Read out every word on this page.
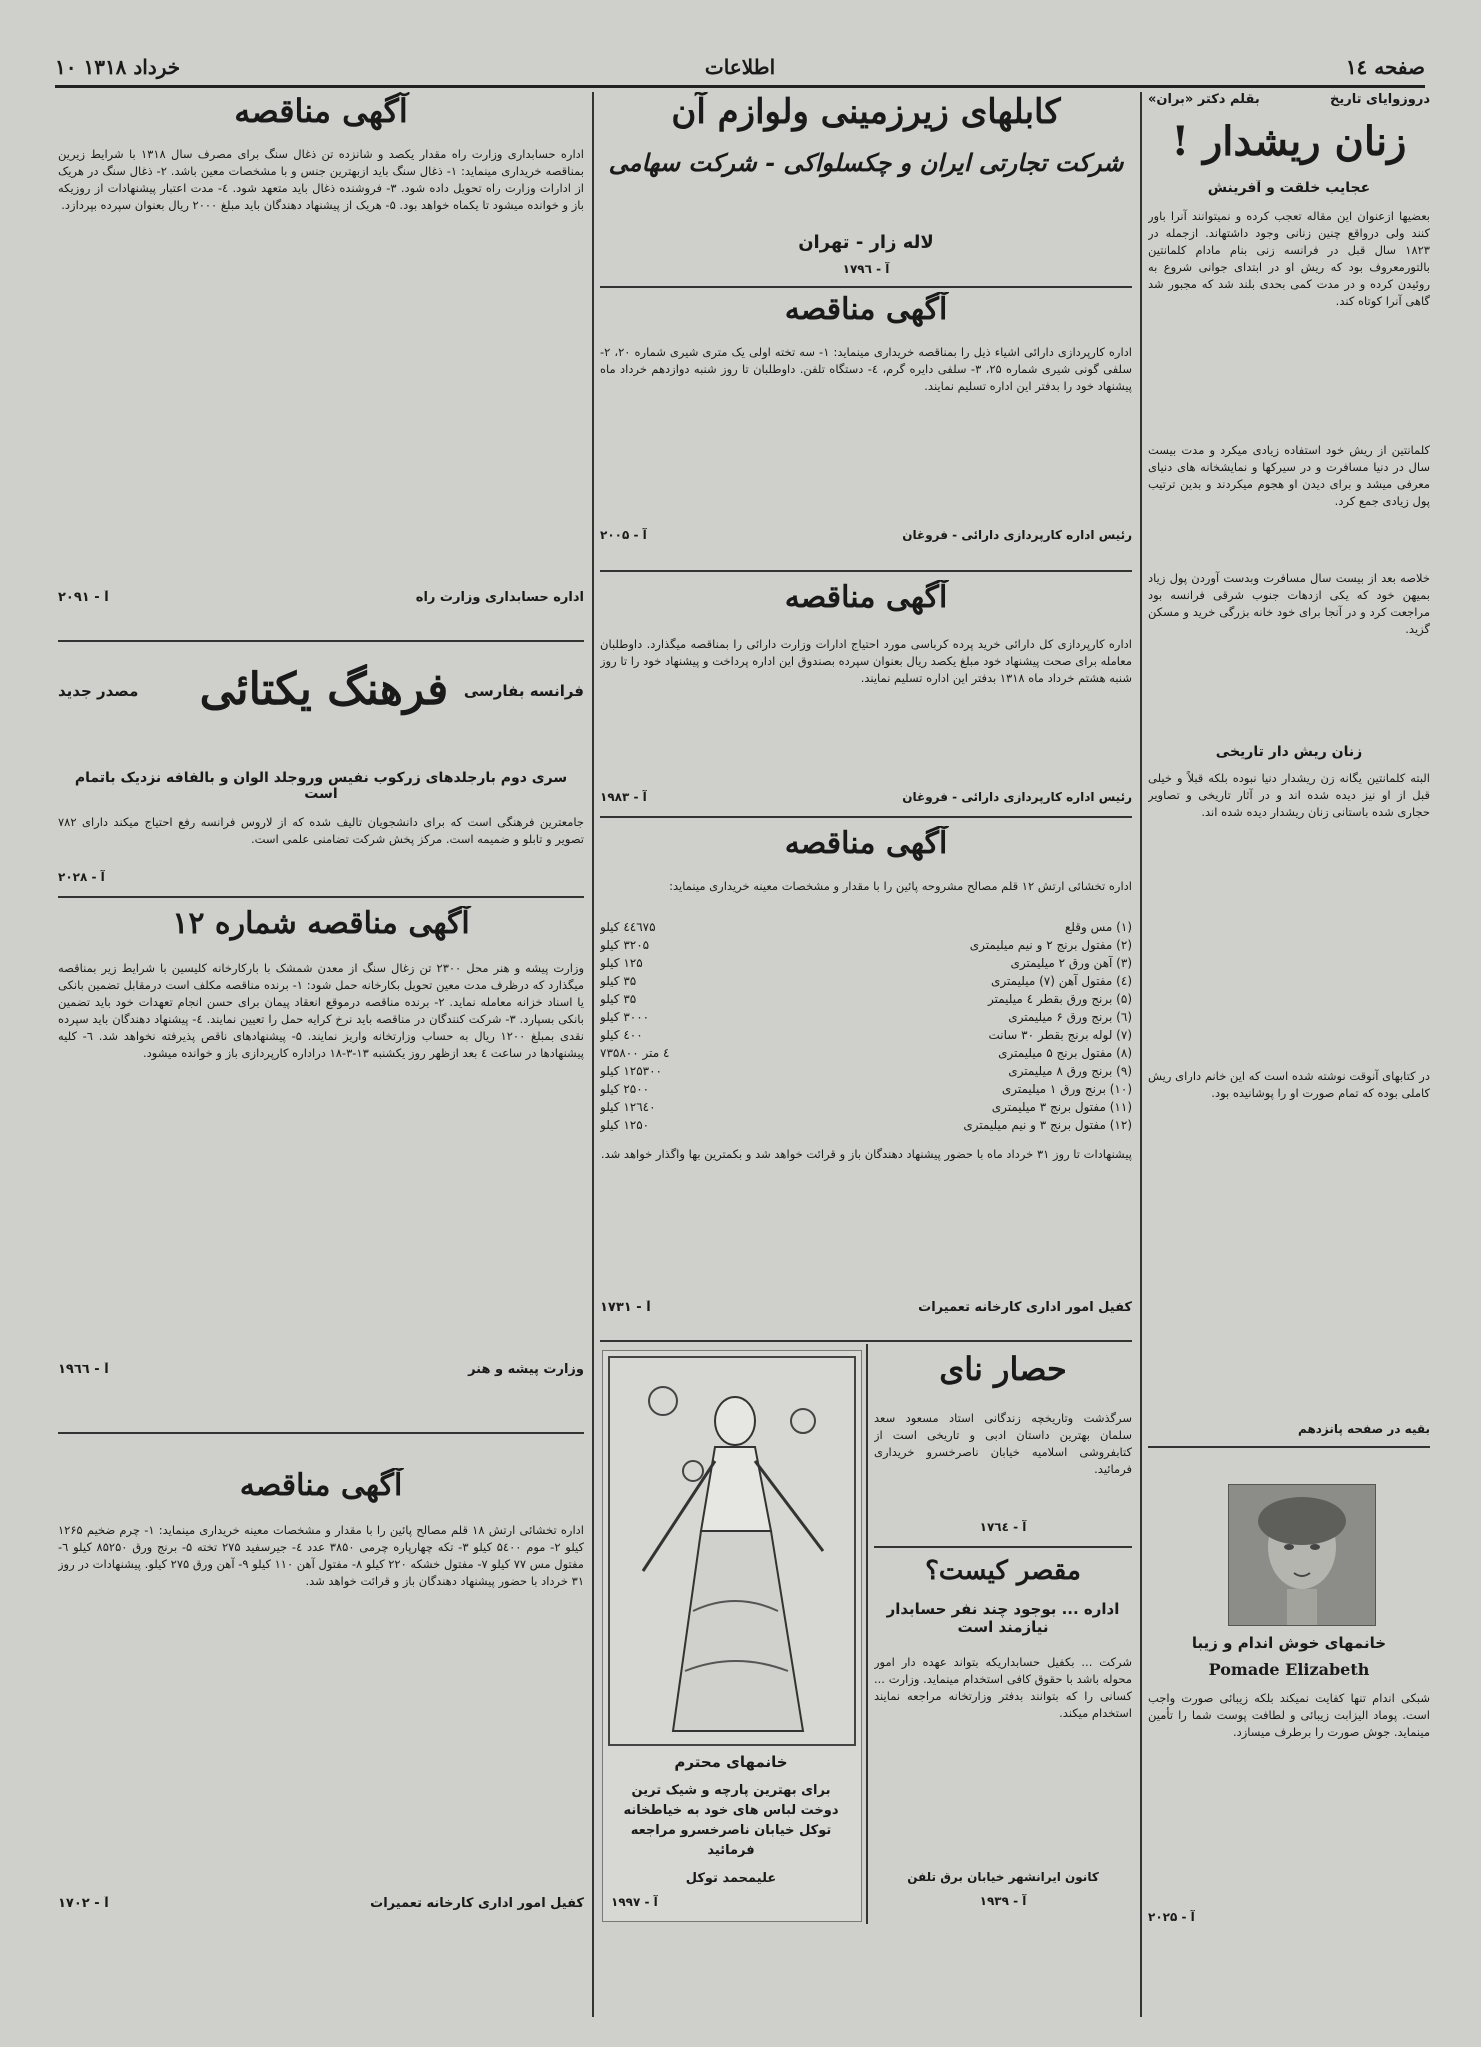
صفحه ۱٤
اطلاعات
۱۰ خرداد ۱۳۱۸
دروزوایای تاریخ
بقلم دکتر «بران»
زنان ریشدار !
عجایب خلقت و آفرینش
بعضیها ازعنوان این مقاله تعجب کرده و نمیتوانند آنرا باور کنند ولی درواقع چنین زنانی وجود داشتهاند. ازجمله در ۱۸۲۳ سال قبل در فرانسه زنی بنام مادام کلمانتین بالتورمعروف بود که ریش او در ابتدای جوانی شروع به روئیدن کرده و در مدت کمی بحدی بلند شد که مجبور شد گاهی آنرا کوتاه کند.
کلمانتین از ریش خود استفاده زیادی میکرد و مدت بیست سال در دنیا مسافرت و در سیرکها و نمایشخانه های دنیای معرفی میشد و برای دیدن او هجوم میکردند و بدین ترتیب پول زیادی جمع کرد.
خلاصه بعد از بیست سال مسافرت وبدست آوردن پول زیاد بمیهن خود که یکی ازدهات جنوب شرقی فرانسه بود مراجعت کرد و در آنجا برای خود خانه بزرگی خرید و مسکن گزید.
زنان ریش دار تاریخی
البته کلمانتین یگانه زن ریشدار دنیا نبوده بلکه قبلاً و خیلی قبل از او نیز دیده شده اند و در آثار تاریخی و تصاویر حجاری شده باستانی زنان ریشدار دیده شده اند.
در کتابهای آنوقت نوشته شده است که این خانم دارای ریش کاملی بوده که تمام صورت او را پوشانیده بود.
بقیه در صفحه پانزدهم
خانمهای خوش اندام و زیبا
Pomade Elizabeth
شبکی اندام تنها کفایت نمیکند بلکه زیبائی صورت واجب است. پوماد الیزابت زیبائی و لطافت پوست شما را تأمین مینماید. جوش صورت را برطرف میسازد.
آ - ۲۰۲۵
کابلهای زیرزمینی ولوازم آن
شرکت تجارتی ایران و چکسلواکی - شرکت سهامی
لاله زار - تهران
آ - ۱۷۹٦
آگهی مناقصه
اداره کارپردازی دارائی اشیاء ذیل را بمناقصه خریداری مینماید: ۱- سه تخته اولی یک متری شیری شماره ۲۰، ۲- سلفی گونی شیری شماره ۲۵، ۳- سلفی دایره گرم، ٤- دستگاه تلفن. داوطلبان تا روز شنبه دوازدهم خرداد ماه پیشنهاد خود را بدفتر این اداره تسلیم نمایند.
رئیس اداره کارپردازی دارائی - فروغان
آ - ۲۰۰۵
آگهی مناقصه
اداره کارپردازی کل دارائی خرید پرده کرباسی مورد احتیاج ادارات وزارت دارائی را بمناقصه میگذارد. داوطلبان معامله برای صحت پیشنهاد خود مبلغ یکصد ریال بعنوان سپرده بصندوق این اداره پرداخت و پیشنهاد خود را تا روز شنبه هشتم خرداد ماه ۱۳۱۸ بدفتر این اداره تسلیم نمایند.
رئیس اداره کارپردازی دارائی - فروغان
آ - ۱۹۸۳
آگهی مناقصه
اداره تخشائی ارتش ۱۲ قلم مصالح مشروحه پائین را با مقدار و مشخصات معینه خریداری مینماید:
(۱) مس وقلع
٤٤٦٧۵ کیلو
(۲) مفتول برنج ۲ و نیم میلیمتری
۳۲۰۵ کیلو
(۳) آهن ورق ۲ میلیمتری
۱۲۵ کیلو
(٤) مفتول آهن (۷) میلیمتری
۳۵ کیلو
(۵) برنج ورق بقطر ٤ میلیمتر
۳۵ کیلو
(٦) برنج ورق ۶ میلیمتری
۳۰۰۰ کیلو
(۷) لوله برنج بقطر ۳۰ سانت
٤۰۰ کیلو
(۸) مفتول برنج ۵ میلیمتری
٤ متر ۷۳۵۸۰۰
(۹) برنج ورق ۸ میلیمتری
۱۲۵۳۰۰ کیلو
(۱۰) برنج ورق ۱ میلیمتری
۲۵۰۰ کیلو
(۱۱) مفتول برنج ۳ میلیمتری
۱۲٦٤۰ کیلو
(۱۲) مفتول برنج ۳ و نیم میلیمتری
۱۲۵۰ کیلو
پیشنهادات تا روز ۳۱ خرداد ماه با حضور پیشنهاد دهندگان باز و قرائت خواهد شد و بکمترین بها واگذار خواهد شد.
کفیل امور اداری کارخانه تعمیرات
آ - ۱۷۳۱
حصار نای
سرگذشت وتاریخچه زندگانی استاد مسعود سعد سلمان بهترین داستان ادبی و تاریخی است از کتابفروشی اسلامیه خیابان ناصرخسرو خریداری فرمائید.
آ - ۱۷٦٤
مقصر کیست؟
اداره ... بوجود چند نفر حسابدار نیازمند است
شرکت ... بکفیل حسابداریکه بتواند عهده دار امور محوله باشد با حقوق کافی استخدام مینماید. وزارت ... کسانی را که بتوانند بدفتر وزارتخانه مراجعه نمایند استخدام میکند.
کانون ایرانشهر خیابان برق تلفن
آ - ۱۹۳۹
خانمهای محترم
برای بهترین پارچه و شیک ترین دوخت لباس های خود به خیاطخانه توکل خیابان ناصرخسرو مراجعه فرمائید
علیمحمد توکل
آ - ۱۹۹۷
آگهی مناقصه
اداره حسابداری وزارت راه مقدار یکصد و شانزده تن ذغال سنگ برای مصرف سال ۱۳۱۸ با شرایط زیرین بمناقصه خریداری مینماید: ۱- ذغال سنگ باید ازبهترین جنس و با مشخصات معین باشد. ۲- ذغال سنگ در هریک از ادارات وزارت راه تحویل داده شود. ۳- فروشنده ذغال باید متعهد شود. ٤- مدت اعتبار پیشنهادات از روزیکه باز و خوانده میشود تا یکماه خواهد بود. ۵- هریک از پیشنهاد دهندگان باید مبلغ ۲۰۰۰ ریال بعنوان سپرده بپردازد.
اداره حسابداری وزارت راه
آ - ۲۰۹۱
فرانسه بفارسی
فرهنگ یکتائی
مصدر جدید
سری دوم بارجلدهای زرکوب نفیس وروجلد الوان و بالفافه نزدیک باتمام است
جامعترین فرهنگی است که برای دانشجویان تالیف شده که از لاروس فرانسه رفع احتیاج میکند دارای ۷۸۲ تصویر و تابلو و ضمیمه است. مرکز پخش شرکت تضامنی علمی است.
آ - ۲۰۲۸
آگهی مناقصه شماره ۱۲
وزارت پیشه و هنر محل ۲۳۰۰ تن زغال سنگ از معدن شمشک با بارکارخانه کلیسین با شرایط زیر بمناقصه میگذارد که درظرف مدت معین تحویل بکارخانه حمل شود: ۱- برنده مناقصه مکلف است درمقابل تضمین بانکی یا اسناد خزانه معامله نماید. ۲- برنده مناقصه درموقع انعقاد پیمان برای حسن انجام تعهدات خود باید تضمین بانکی بسپارد. ۳- شرکت کنندگان در مناقصه باید نرخ کرایه حمل را تعیین نمایند. ٤- پیشنهاد دهندگان باید سپرده نقدی بمبلغ ۱۲۰۰ ریال به حساب وزارتخانه واریز نمایند. ۵- پیشنهادهای ناقص پذیرفته نخواهد شد. ٦- کلیه پیشنهادها در ساعت ٤ بعد ازظهر روز یکشنبه ۱۳-۳-۱۸ دراداره کارپردازی باز و خوانده میشود.
وزارت پیشه و هنر
آ - ۱۹٦٦
آگهی مناقصه
اداره تخشائی ارتش ۱۸ قلم مصالح پائین را با مقدار و مشخصات معینه خریداری مینماید: ۱- چرم ضخیم ۱۲۶۵ کیلو ۲- موم ۵٤۰۰ کیلو ۳- تکه چهارپاره چرمی ۳۸۵۰ عدد ٤- جیرسفید ۲۷۵ تخته ۵- برنج ورق ۸۵۲۵۰ کیلو ٦- مفتول مس ۷۷ کیلو ۷- مفتول خشکه ۲۲۰ کیلو ۸- مفتول آهن ۱۱۰ کیلو ۹- آهن ورق ۲۷۵ کیلو. پیشنهادات در روز ۳۱ خرداد با حضور پیشنهاد دهندگان باز و قرائت خواهد شد.
کفیل امور اداری کارخانه تعمیرات
آ - ۱۷۰۲
